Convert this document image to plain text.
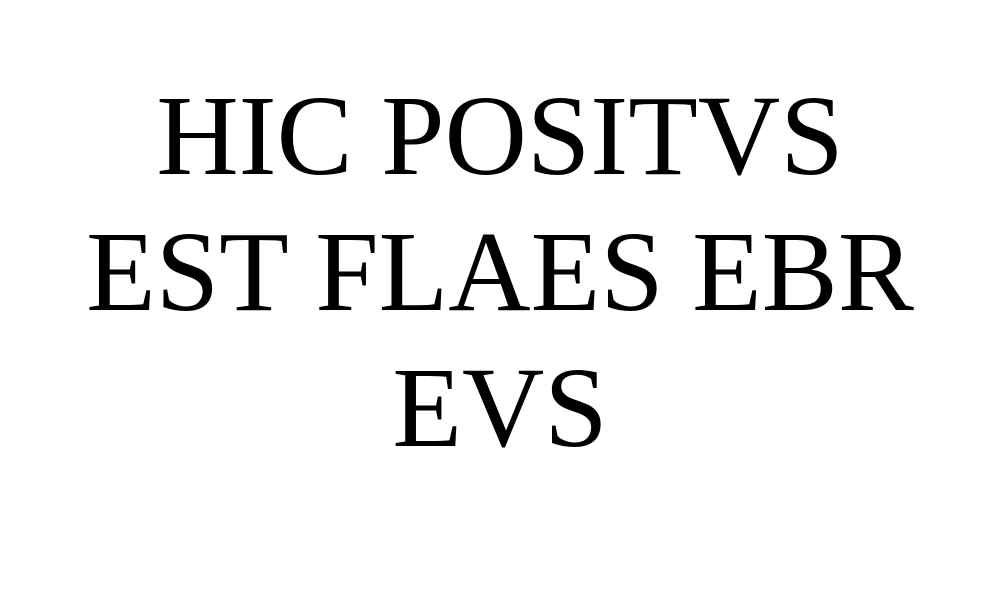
HIC POSITVS
EST FLAES EBR
EVS
